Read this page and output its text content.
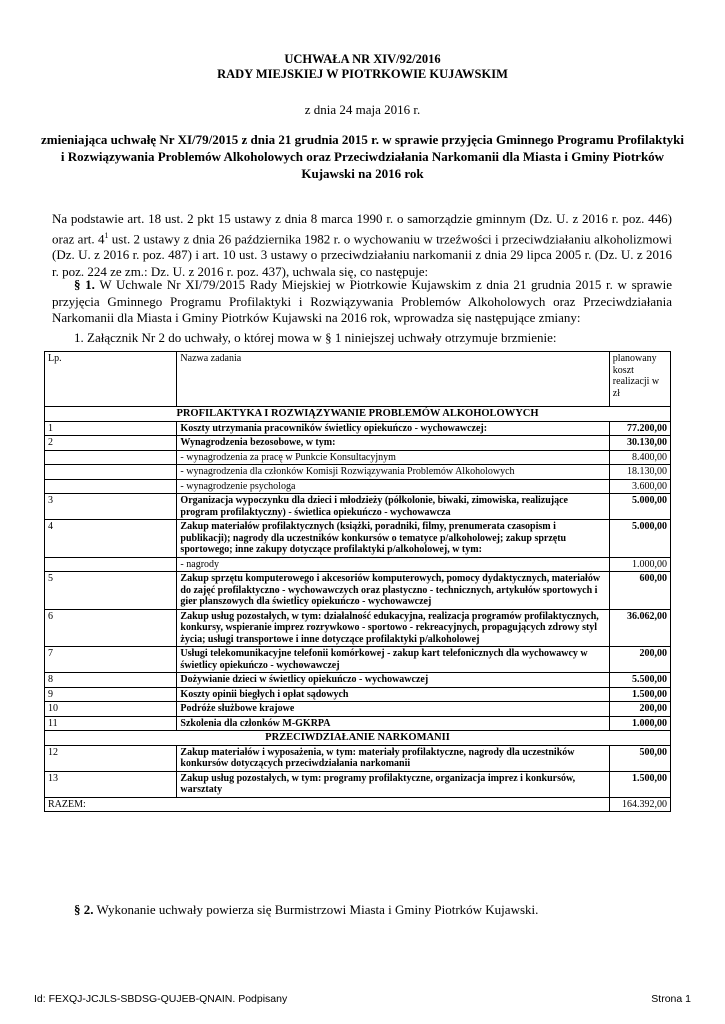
UCHWAŁA NR XIV/92/2016
RADY MIEJSKIEJ W PIOTRKOWIE KUJAWSKIM
z dnia 24 maja 2016 r.
zmieniająca uchwałę Nr XI/79/2015 z dnia 21 grudnia 2015 r. w sprawie przyjęcia Gminnego Programu Profilaktyki i Rozwiązywania Problemów Alkoholowych oraz Przeciwdziałania Narkomanii dla Miasta i Gminy Piotrków Kujawski na 2016 rok
Na podstawie art. 18 ust. 2 pkt 15 ustawy z dnia 8 marca 1990 r. o samorządzie gminnym (Dz. U. z 2016 r. poz. 446) oraz art. $4^1$ ust. 2 ustawy z dnia 26 października 1982 r. o wychowaniu w trzeźwości i przeciwdziałaniu alkoholizmowi (Dz. U. z 2016 r. poz. 487) i art. 10 ust. 3 ustawy o przeciwdziałaniu narkomanii z dnia 29 lipca 2005 r. (Dz. U. z 2016 r. poz. 224 ze zm.: Dz. U. z 2016 r. poz. 437), uchwala się, co następuje:
§ 1. W Uchwale Nr XI/79/2015 Rady Miejskiej w Piotrkowie Kujawskim z dnia 21 grudnia 2015 r. w sprawie przyjęcia Gminnego Programu Profilaktyki i Rozwiązywania Problemów Alkoholowych oraz Przeciwdziałania Narkomanii dla Miasta i Gminy Piotrków Kujawski na 2016 rok, wprowadza się następujące zmiany:
1. Załącznik Nr 2 do uchwały, o której mowa w § 1 niniejszej uchwały otrzymuje brzmienie:
Lp.	Nazwa zadania	planowany koszt realizacji w zł
PROFILAKTYKA I ROZWIĄZYWANIE PROBLEMÓW ALKOHOLOWYCH		
1	Koszty utrzymania pracowników świetlicy opiekuńczo - wychowawczej:	77.200,00
2	Wynagrodzenia bezosobowe, w tym:	30.130,00
	- wynagrodzenia za pracę w Punkcie Konsultacyjnym	8.400,00
	- wynagrodzenia dla członków Komisji Rozwiązywania Problemów Alkoholowych	18.130,00
	- wynagrodzenie psychologa	3.600,00
3	Organizacja wypoczynku dla dzieci i młodzieży (półkolonie, biwaki, zimowiska, realizujące program profilaktyczny) - świetlica opiekuńczo - wychowawcza	5.000,00
4	Zakup materiałów profilaktycznych (książki, poradniki, filmy, prenumerata czasopism i publikacji); nagrody dla uczestników konkursów o tematyce p/alkoholowej; zakup sprzętu sportowego; inne zakupy dotyczące profilaktyki p/alkoholowej, w tym:	5.000,00
	- nagrody	1.000,00
5	Zakup sprzętu komputerowego i akcesoriów komputerowych, pomocy dydaktycznych, materiałów do zajęć profilaktyczno - wychowawczych oraz plastyczno - technicznych, artykułów sportowych i gier planszowych dla świetlicy opiekuńczo - wychowawczej	600,00
6	Zakup usług pozostałych, w tym: działalność edukacyjna, realizacja programów profilaktycznych, konkursy, wspieranie imprez rozrywkowo - sportowo - rekreacyjnych, propagujących zdrowy styl życia; usługi transportowe i inne dotyczące profilaktyki p/alkoholowej	36.062,00
7	Usługi telekomunikacyjne telefonii komórkowej - zakup kart telefonicznych dla wychowawcy w świetlicy opiekuńczo - wychowawczej	200,00
8	Dożywianie dzieci w świetlicy opiekuńczo - wychowawczej	5.500,00
9	Koszty opinii biegłych i opłat sądowych	1.500,00
10	Podróże służbowe krajowe	200,00
11	Szkolenia dla członków M-GKRPA	1.000,00
PRZECIWDZIAŁANIE NARKOMANII		
12	Zakup materiałów i wyposażenia, w tym: materiały profilaktyczne, nagrody dla uczestników konkursów dotyczących przeciwdziałania narkomanii	500,00
13	Zakup usług pozostałych, w tym: programy profilaktyczne, organizacja imprez i konkursów, warsztaty	1.500,00
RAZEM:		164.392,00
§ 2. Wykonanie uchwały powierza się Burmistrzowi Miasta i Gminy Piotrków Kujawski.
Id: FEXQJ-JCJLS-SBDSG-QUJEB-QNAIN. Podpisany	Strona 1
